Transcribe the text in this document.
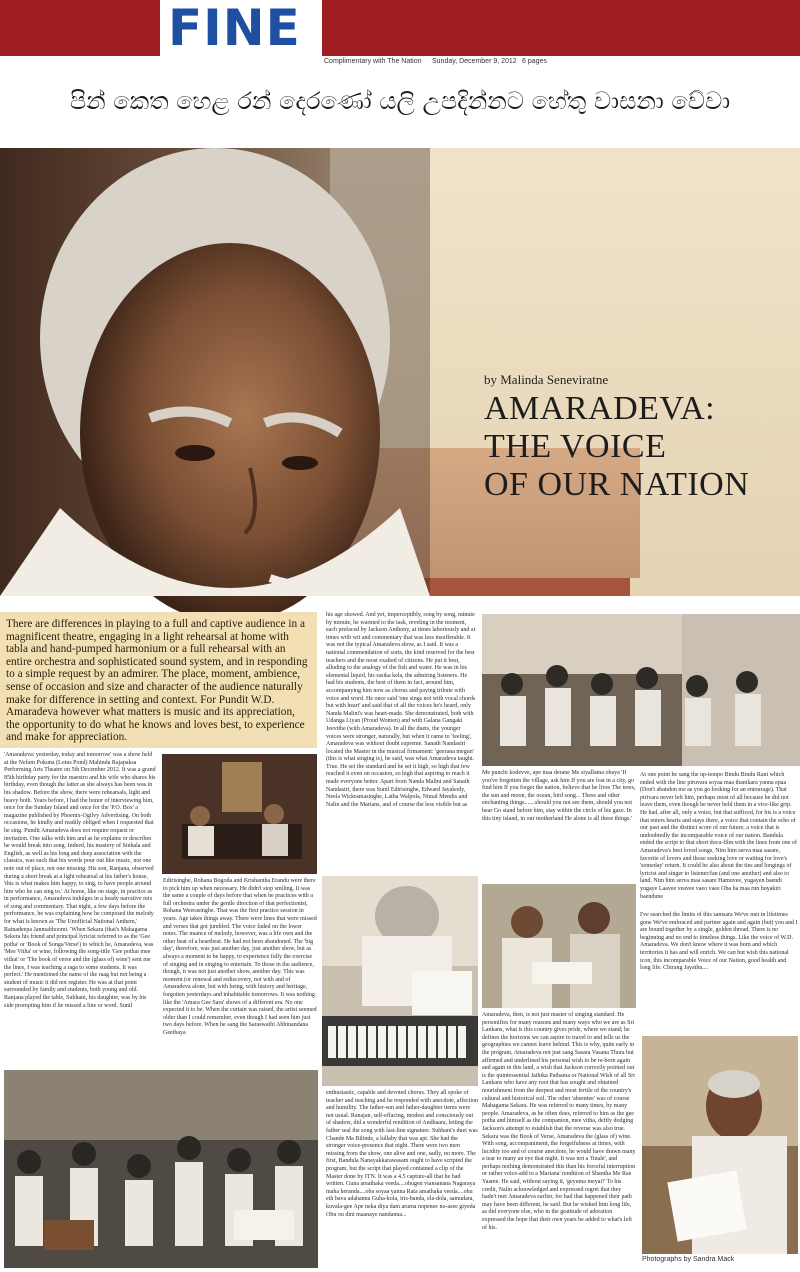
FINE
Complimentary with The Nation Sunday, December 9, 2012 6 pages
පින් කෙත හෙළ රන් දෙරණෝ යලි උපදින්නට හේතු වාසනා වේවා
AMARADEVA:
THE VOICE
OF OUR NATION
by Malinda Seneviratne
There are differences in playing to a full and captive audience in a magnificent theatre, engaging in a light rehearsal at home with tabla and hand-pumped harmonium or a full rehearsal with an entire orchestra and sophisticated sound system, and in responding to a simple request by an admirer. The place, moment, ambience, sense of occasion and size and character of the audience naturally make for difference in setting and context. For Pundit W.D. Amaradeva however what matters is music and its appreciation, the opportunity to do what he knows and loves best, to experience and make for appreciation.
'Amaradeva: yesterday, today and tomorrow' was a show held at the Nelum Pokuna (Lotus Pond) Mahinda Rajapaksa Performing Arts Theatre on 5th December 2012. It was a grand 85th birthday party for the maestro and his wife who shares his birthday, even though the latter as she always has been was in his shadow. Before the show, there were rehearsals, light and heavy both. Years before, I had the honor of interviewing him, once for the Sunday Island and once for the 'P.O. Box' a magazine published by Phoenix-Ogilvy Advertising. On both occasions, he kindly and readily obliged when I requested that he sing. Pundit Amaradeva does not require request or invitation. One talks with him and as he explains or describes he would break into song. Indeed, his mastery of Sinhala and English, as well as his long and deep association with the classics, was such that his words pour out like music, not one note out of place, not one missing. His son, Ranjana, observed during a short break at a light rehearsal at his father's house, 'this is what makes him happy, to sing, to have people around him who he can sing to.' At home, like on stage, in practice as in performance, Amaradeva indulges in a heady narrative mix of song and commentary. That night, a few days before the performance, he was explaining how he composed the melody for what is known as 'The Unofficial National Anthem,' Ratnadeepa Janmabhoomi. 'When Sekara (that's Mahagama Sekera his friend and principal lyricist referred to as the 'Gee potha' or 'Book of Songs/Verse') to which he, Amaradeva, was 'Mee Vitha' or wine, following the song-title 'Gee pothai mee vithai' or 'The book of verse and the (glass of) wine') sent me the lines, I was teaching a raga to some students. It was perfect.' He mentioned the name of the raag but not being a student of music it did not register. He was at that point surrounded by family and students, both young and old. Ranjana played the table, Subhani, his daughter, was by his side prompting him if he missed a line or word. Sunil
Edirisinghe, Rohana Bogoda and Krishantha Erandu were there to pick him up when necessary. He didn't stop smiling. It was the same a couple of days before that when he practices with a full orchestra under the gentle direction of that perfectionist, Rohana Weerasinghe. That was the first practice session in years. Age takes things away. There were lines that were missed and verses that got jumbled. The voice faded on the lower notes. The nuance of melody, however, was a life own and the other beat of a heartbeat. He had not been abandoned. The 'big day', therefore, was just another day, just another show, but as always a moment to be happy, to experience fully the exercise of singing and in singing to entertain. To those in the audience, though, it was not just another show, another day. This was moment (or renewal and rediscovery, not with and of Amaradeva alone, but with being, with history and heritage, forgotten yesterdays and inhabitable tomorrows. It was nothing like the 'Amara Gee Sara' shows of a different era. No one expected it to be. When the curtain was raised, the artist seemed older than I could remember, even though I had seen him just two days before. When he sang the Saraswathi Abhinandana Geethaya
his age showed. And yet, imperceptibly, song by song, minute by minute, he warmed to the task, reveling in the moment, each prefaced by Jackson Anthony, at times laboriously and at times with wit and commentary that was less insufferable. It was not the typical Amaradeva show, as I said. It was a national commendation of sorts, the kind reserved for the best teachers and the most exalted of citizens. He put it best, alluding to the analogy of the fish and water. He was in his elemental liquid, his rasika kela, the admiring listeners. He had his students, the best of them in fact, around him, accompanying him now as chorus and paying tribute with voice and word. He once said 'one sings not with vocal chords but with heart' and said that of all the voices he's heard, only Nanda Malini's was heart-made. She demonstrated, both with Udanga Liyan (Proud Women) and with Galana Gangaki Jeevithe (with Amaradeva). In all the duets, the younger voices were stronger, naturally, but when it came to 'feeling', Amaradeva was without doubt supreme. Sanath Nandasiri located the Master in the musical firmament: 'geerana megun' (this is what singing is), he said, was what Amaradeva taught. True. He set the standard and he set it high, so high that few reached it even on occasion, so high that aspiring to reach it made everyone better. Apart from Nanda Malini and Sanath Nandasiri, there was Sunil Edirisinghe, Edward Jayakody, Neela Wickramasinghe, Latha Walpola, Nimal Mendis and Nalin and the Marians, and of course the less visible but as
enthusiastic, capable and devoted chorus. They all spoke of teacher and teaching and he responded with anecdote, affection and humility. The father-son and father-daughter items were not usual. Ranajan, self-effacing, modest and consciously out of shadow, did a wonderful rendition of Andhaara, letting the father seal the song with last-line signature. Subhani's duet was Chande Ma Bilinde, a lullaby that was apt. She had the stronger voice-presence that night. There were two men missing from the show, one alive and one, sadly, no more. The first, Bandula Nanayakkarawasam ought to have scripted the program, but the script that played contained a clip of the Master done by ITN. It was a 4.5 capture-all that he had written. Guna amathaka veeda....ohugen viansanana Nagaraya maha heranda....oba soyaa yanna Rata amathaka veeda....ohu eth bava adahanna Guha-kola, iris-banda, ela-dola, samudara, kuvala-gee Ape neka diya dam aruma nopenee no-asee giyeda Obu ou dini maanaye nandanna...
Me punchi kodevve, ape maa derane Me siyallama obaya 'If you've forgotten the village, ask him If you are lost in a city, go find him If you forget the nation, believe that he lives The trees, the sun and moon, the ocean, bird song... These and other enchanting things.......should you not see them, should you not hear Go stand before him, stay within the circle of his gaze. In this tiny island, in our motherland He alone is all these things.'
Amaradeva, then, is not just master of singing standard. He personifies for many reasons and many ways who we are as Sri Lankans, what is this country gives pride, where we stand; he defines the horizons we can aspire to travel to and tells us the geographies we cannot leave behind. This is why, quite early in the program, Amaradeva not just sang Sasara Vasana Thura but affirmed and underlined his personal wish to be re-born again and again in this land, a wish that Jackson correctly pointed out is the quintessential Jathika Pathama or National Wish of all Sri Lankans who have any root that has sought and obtained nourishment from the deepest and most fertile of the country's cultural and historical soil. The other 'absentee' was of course Mahagama Sekara. He was referred to many times, by many people. Amaradeva, as he often does, referred to him as the gee potha and himself as the companion, mee vitha, deftly dodging Jackson's attempt to establish that the reverse was also true. Sekara was the Book of Verse, Amaradeva the (glass of) wine. With song, accompaniment, the forgetfulness at times, with lucidity too and of course anecdote, he would have drawn many a tear to many an eye that night. It was not a 'finale', and perhaps nothing demonstrated this than his forceful interruption or rather voice-add to a Mariana' rendition of Shantha Me Rae Yaame. He said, without saying it, 'geyuma meyai!' To his credit, Nalin acknowledged and expressed regret that they hadn't met Amaradeva earlier, for had that happened their path may have been different, he said. But he wished him long life, as did everyone else, who in the gratitude of adoration expressed the hope that their own years be added to what's left of his.
At one point he sang the up-tempo Bindu Bindu Rani which ended with the line piruvara soyaa maa thanikara yanna epaa (Don't abandon me as you go looking for an entourage). That pirivara never left him, perhaps most of all because he did not leave them, even though he never held them in a vice-like grip. He had, after all, only a voice, but that sufficed, for his is a voice that enters hearts and stays there, a voice that contain the echo of our past and the distinct score of our future, a voice that is undoubtedly the incomparable voice of our nation. Bandula ended the script to that short docu-film with the lines from one of Amaradeva's best loved songs, Nim him serva maa sasare, favorite of lovers and those seeking love or waiting for love's 'someday' return. It could be also about the ties and longings of lyricist and singer to listener/fan (and one another) and also to land. Nim him serva maa sasare Hamuvee, yugayen baendi yugaye Laavee veavee vaeo vaee Oba ha maa run huyakiri baendune
I've searched the limits of this samsara We've met in lifetimes gone We've embraced and partner again and again (but) you and I are bound together by a single, golden thread. There is no beginning and no end to timeless things. Like the voice of W.D. Amaradeva. We don't know where it was born and which territories it has and will enrich. We can but wish this national icon, this incomparable Voice of our Nation, good health and long life. Chirang Jayathu....
Photographs by Sandra Mack
